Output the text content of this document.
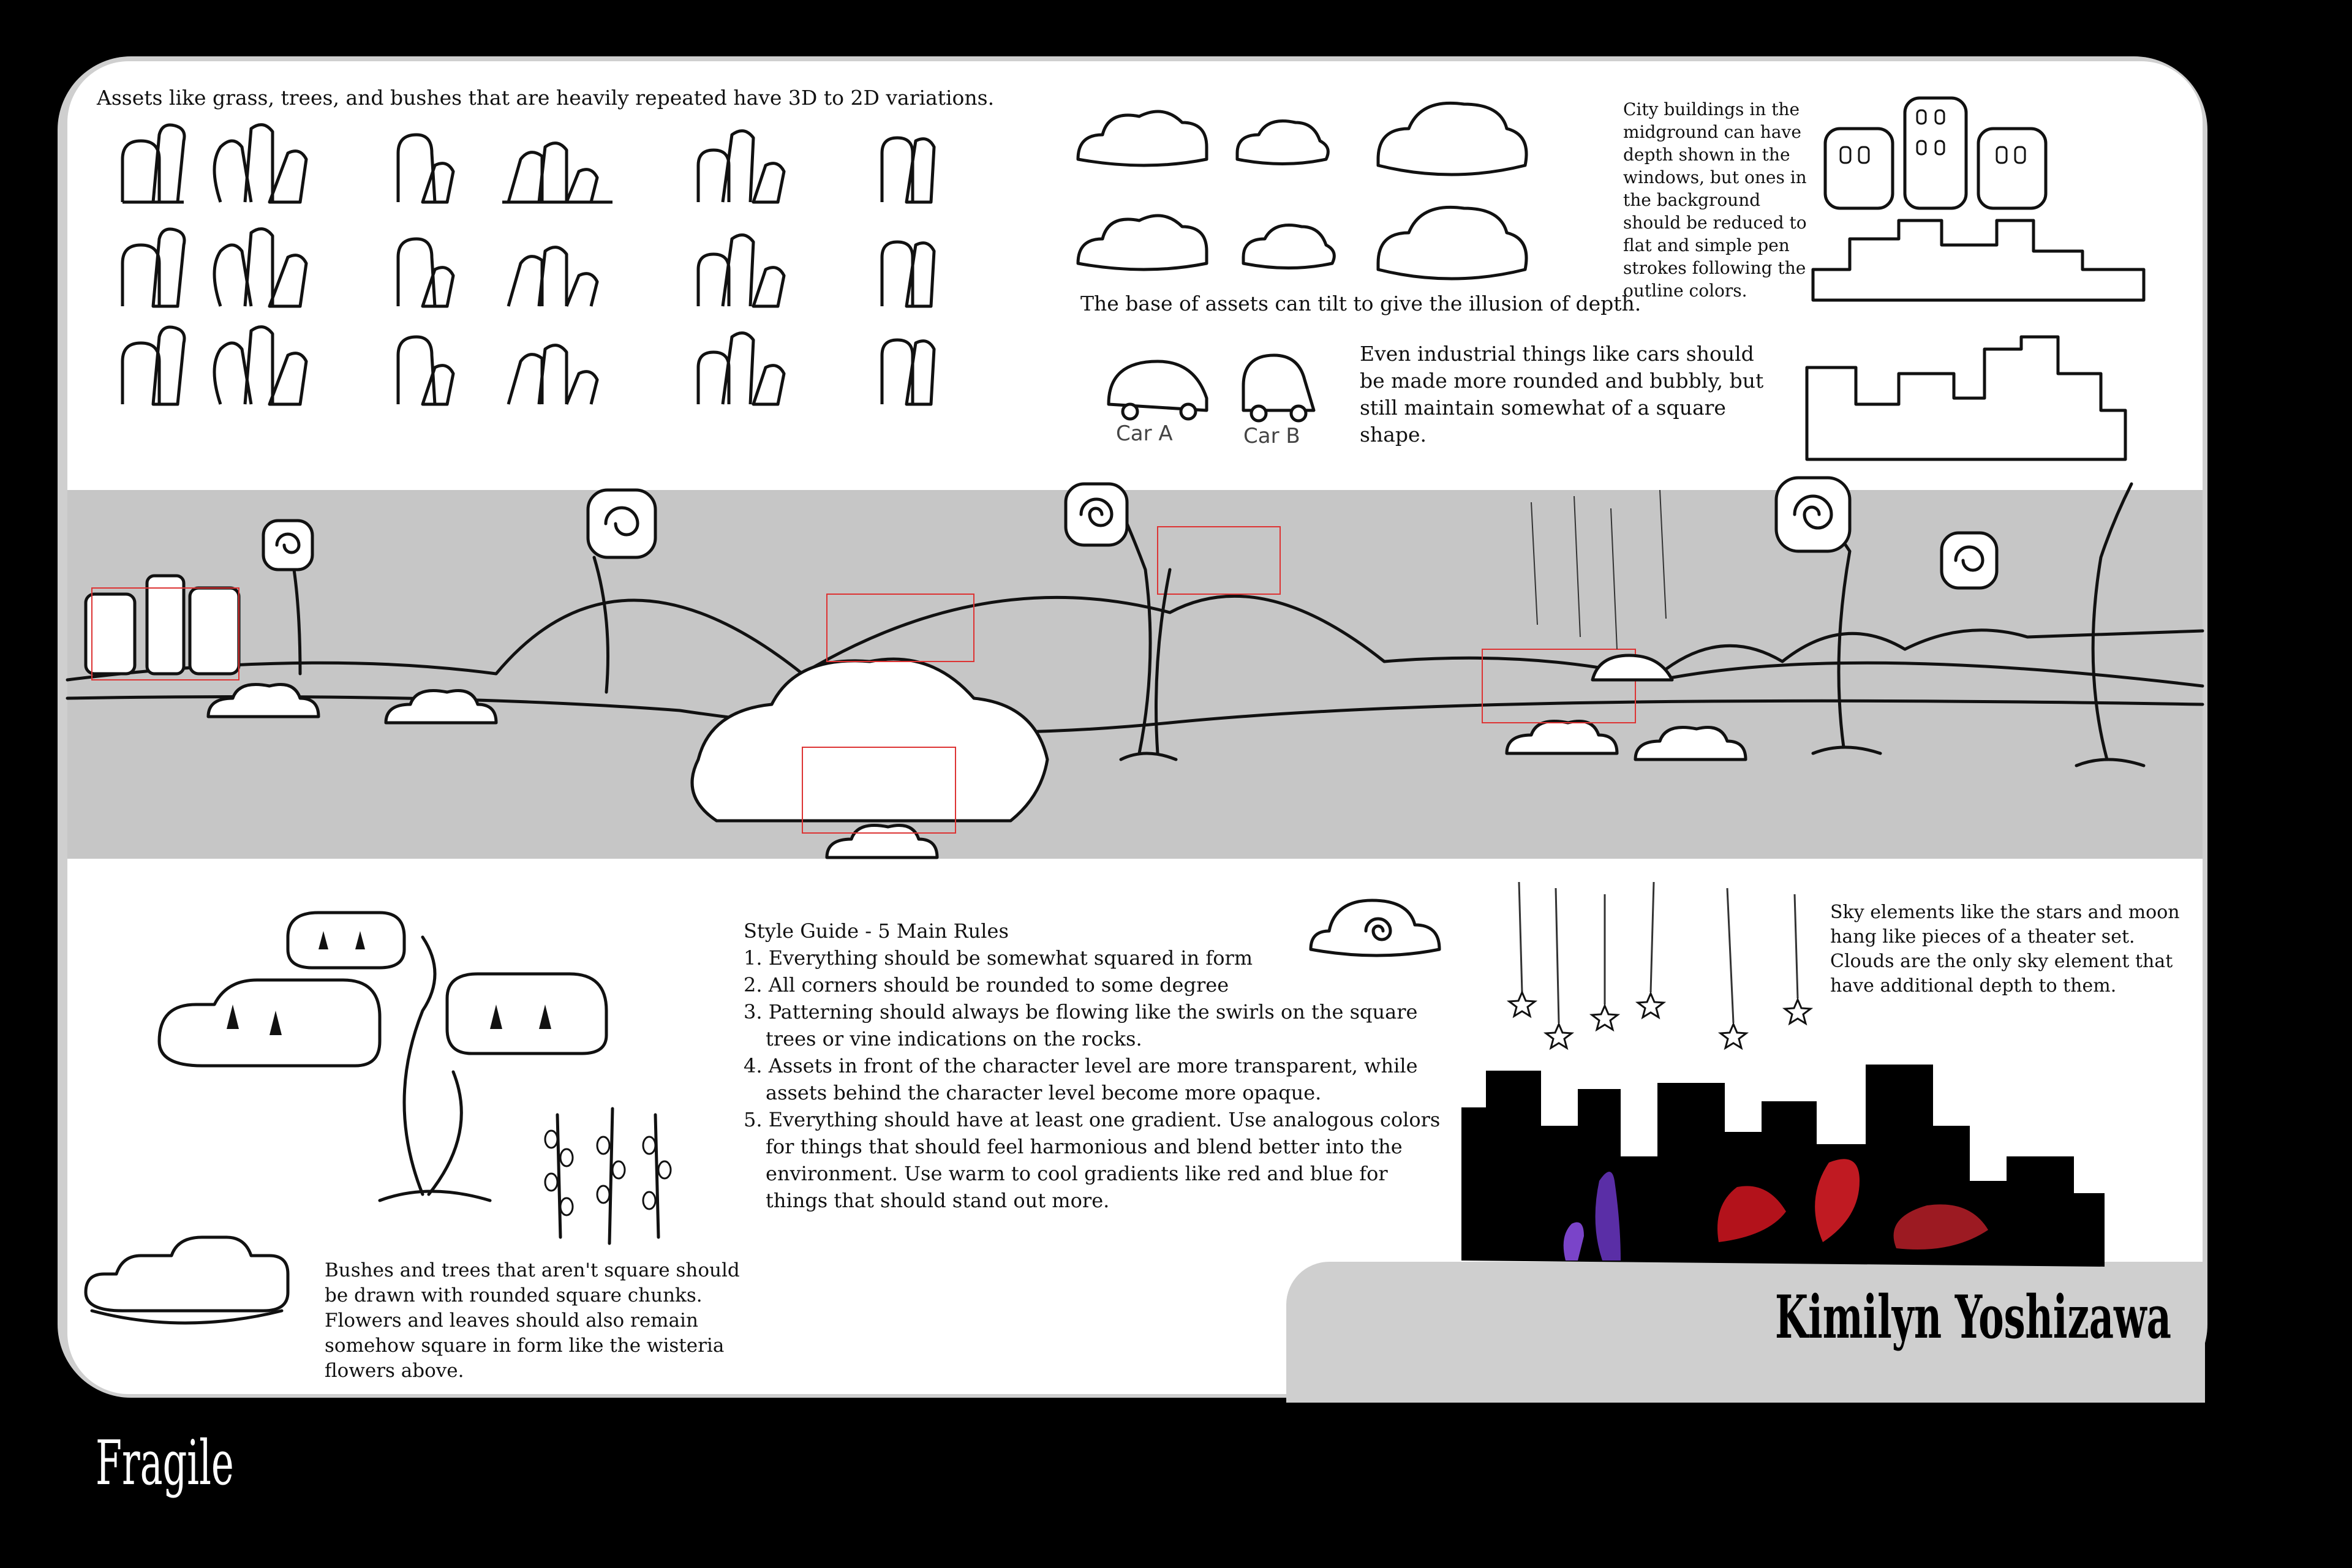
Car A	Car B
Assets like grass, trees, and bushes that are heavily repeated have 3D to 2D variations.
The base of assets can tilt to give the illusion of depth.
City buildings in the midground can have depth shown in the windows, but ones in the background should be reduced to flat and simple pen strokes following the outline colors.
Even industrial things like cars should be made more rounded and bubbly, but still maintain somewhat of a square shape.
Style Guide - 5 Main Rules
1. Everything should be somewhat squared in form
2. All corners should be rounded to some degree
3. Patterning should always be flowing like the swirls on the square trees or vine indications on the rocks.
4. Assets in front of the character level are more transparent, while assets behind the character level become more opaque.
5. Everything should have at least one gradient. Use analogous colors for things that should feel harmonious and blend better into the environment. Use warm to cool gradients like red and blue for things that should stand out more.
Bushes and trees that aren't square should be drawn with rounded square chunks. Flowers and leaves should also remain somehow square in form like the wisteria flowers above.
Sky elements like the stars and moon hang like pieces of a theater set. Clouds are the only sky element that have additional depth to them.
Kimilyn Yoshizawa
Fragile
